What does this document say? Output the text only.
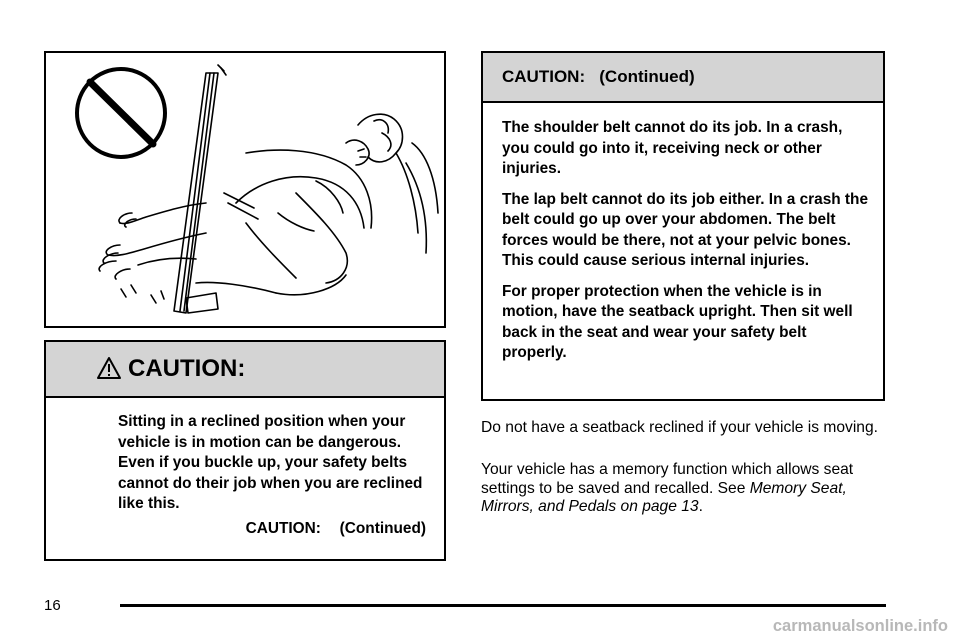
CAUTION:
Sitting in a reclined position when your vehicle is in motion can be dangerous. Even if you buckle up, your safety belts cannot do their job when you are reclined like this.
CAUTION:   (Continued)
CAUTION:   (Continued)

The shoulder belt cannot do its job. In a crash, you could go into it, receiving neck or other injuries.

The lap belt cannot do its job either. In a crash the belt could go up over your abdomen. The belt forces would be there, not at your pelvic bones. This could cause serious internal injuries.

For proper protection when the vehicle is in motion, have the seatback upright. Then sit well back in the seat and wear your safety belt properly.

Do not have a seatback reclined if your vehicle is moving.
Your vehicle has a memory function which allows seat settings to be saved and recalled. See Memory Seat, Mirrors, and Pedals on page 13.
16
carmanualsonline.info
